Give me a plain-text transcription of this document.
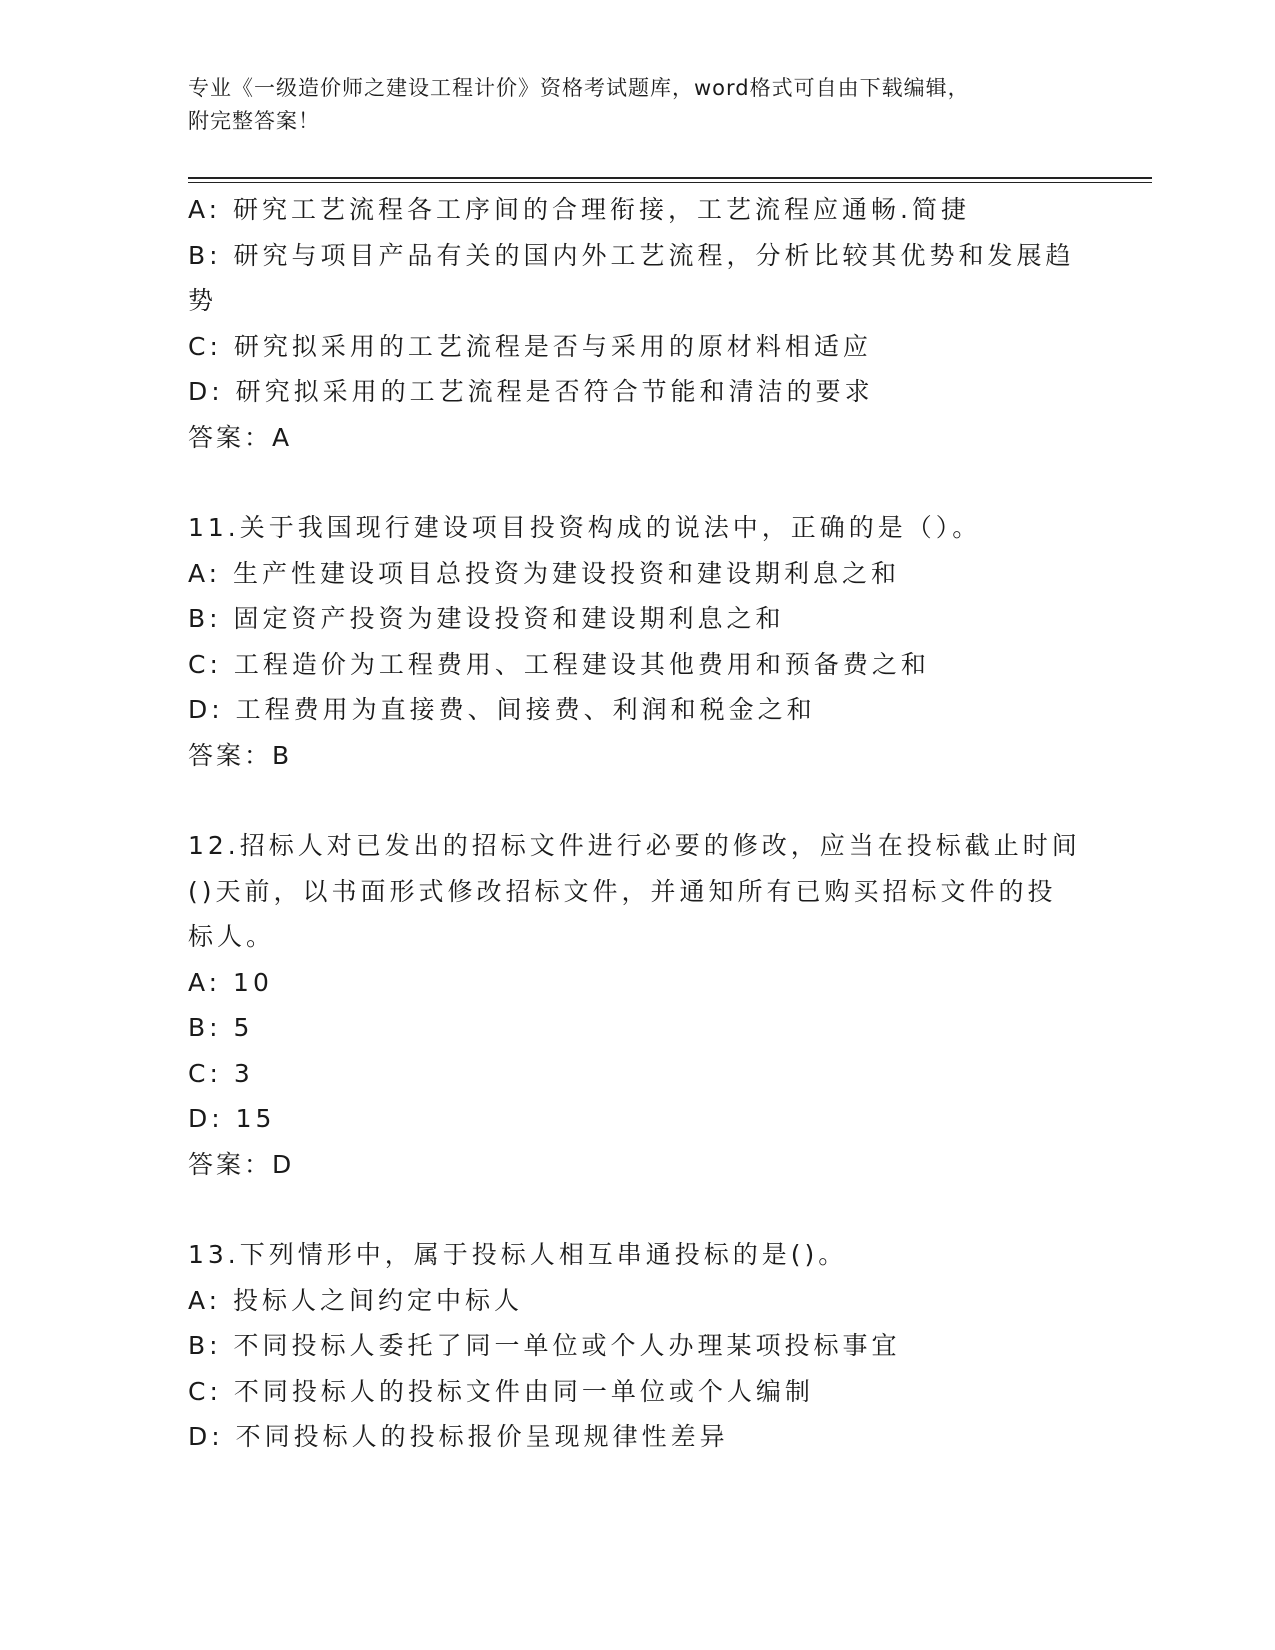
专业《一级造价师之建设工程计价》资格考试题库，word格式可自由下载编辑，
附完整答案！
A: 研究工艺流程各工序间的合理衔接，工艺流程应通畅.简捷
B: 研究与项目产品有关的国内外工艺流程，分析比较其优势和发展趋
势
C: 研究拟采用的工艺流程是否与采用的原材料相适应
D: 研究拟采用的工艺流程是否符合节能和清洁的要求
答案：A
11.关于我国现行建设项目投资构成的说法中，正确的是（）。
A: 生产性建设项目总投资为建设投资和建设期利息之和
B: 固定资产投资为建设投资和建设期利息之和
C: 工程造价为工程费用、工程建设其他费用和预备费之和
D: 工程费用为直接费、间接费、利润和税金之和
答案：B
12.招标人对已发出的招标文件进行必要的修改，应当在投标截止时间
()天前，以书面形式修改招标文件，并通知所有已购买招标文件的投
标人。
A: 10
B: 5
C: 3
D: 15
答案：D
13.下列情形中，属于投标人相互串通投标的是()。
A: 投标人之间约定中标人
B: 不同投标人委托了同一单位或个人办理某项投标事宜
C: 不同投标人的投标文件由同一单位或个人编制
D: 不同投标人的投标报价呈现规律性差异
